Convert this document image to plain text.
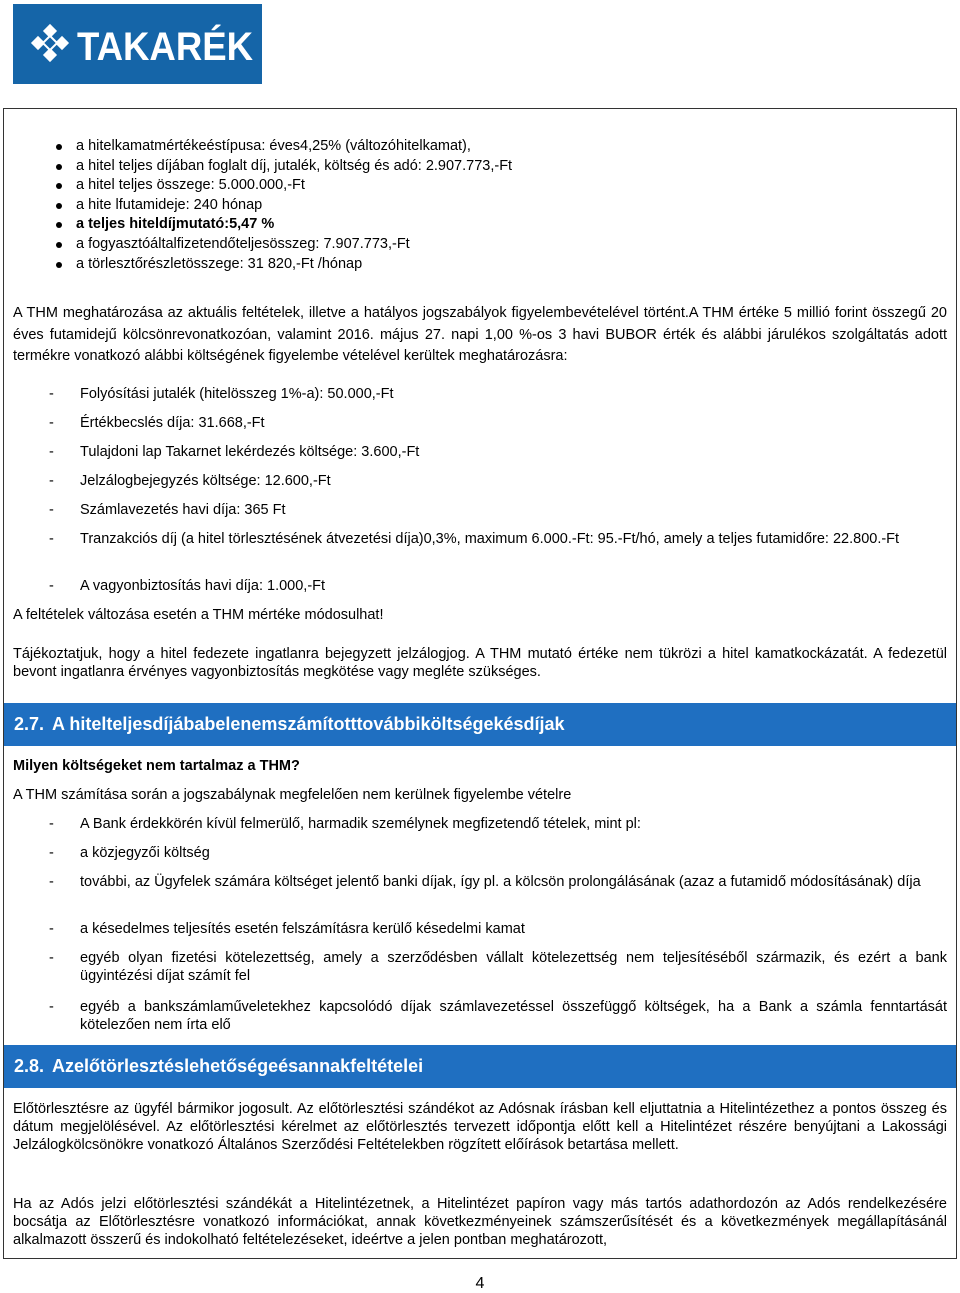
TAKARÉK
a hitelkamatmértékeéstípusa: éves4,25% (változóhitelkamat),
a hitel teljes díjában foglalt díj, jutalék, költség és adó: 2.907.773,-Ft
a hitel teljes összege: 5.000.000,-Ft
a hite lfutamideje: 240 hónap
a teljes hiteldíjmutató:5,47 %
a fogyasztóáltalfizetendőteljesösszeg: 7.907.773,-Ft
a törlesztőrészletösszege: 31 820,-Ft /hónap

A THM meghatározása az aktuális feltételek, illetve a hatályos jogszabályok figyelembevételével történt.A THM értéke 5 millió forint összegű 20 éves futamidejű kölcsönrevonatkozóan, valamint 2016. május 27. napi 1,00 %-os 3 havi BUBOR érték és alábbi járulékos szolgáltatás adott termékre vonatkozó alábbi költségének figyelembe vételével kerültek meghatározásra:

- Folyósítási jutalék (hitelösszeg 1%-a): 50.000,-Ft
- Értékbecslés díja: 31.668,-Ft
- Tulajdoni lap Takarnet lekérdezés költsége: 3.600,-Ft
- Jelzálogbejegyzés költsége: 12.600,-Ft
- Számlavezetés havi díja: 365 Ft
- Tranzakciós díj (a hitel törlesztésének átvezetési díja)0,3%, maximum 6.000.-Ft: 95.-Ft/hó, amely a teljes futamidőre: 22.800.-Ft
- A vagyonbiztosítás havi díja: 1.000,-Ft

A feltételek változása esetén a THM mértéke módosulhat!

Tájékoztatjuk, hogy a hitel fedezete ingatlanra bejegyzett jelzálogjog. A THM mutató értéke nem tükrözi a hitel kamatkockázatát. A fedezetül bevont ingatlanra érvényes vagyonbiztosítás megkötése vagy megléte szükséges.

2.7. A hitelteljesdíjábabelenemszámítotttovábbiköltségekésdíjak

Milyen költségeket nem tartalmaz a THM?

A THM számítása során a jogszabálynak megfelelően nem kerülnek figyelembe vételre

- A Bank érdekkörén kívül felmerülő, harmadik személynek megfizetendő tételek, mint pl:
- a közjegyzői költség
- további, az Ügyfelek számára költséget jelentő banki díjak, így pl. a kölcsön prolongálásának (azaz a futamidő módosításának) díja
- a késedelmes teljesítés esetén felszámításra kerülő késedelmi kamat
- egyéb olyan fizetési kötelezettség, amely a szerződésben vállalt kötelezettség nem teljesítéséből származik, és ezért a bank ügyintézési díjat számít fel
- egyéb a bankszámlaműveletekhez kapcsolódó díjak számlavezetéssel összefüggő költségek, ha a Bank a számla fenntartását kötelezően nem írta elő
2.8. Azelőtörlesztéslehetőségeésannakfeltételei

Előtörlesztésre az ügyfél bármikor jogosult. Az előtörlesztési szándékot az Adósnak írásban kell eljuttatnia a Hitelintézethez a pontos összeg és dátum megjelölésével. Az előtörlesztési kérelmet az előtörlesztés tervezett időpontja előtt kell a Hitelintézet részére benyújtani a Lakossági Jelzálogkölcsönökre vonatkozó Általános Szerződési Feltételekben rögzített előírások betartása mellett.

Ha az Adós jelzi előtörlesztési szándékát a Hitelintézetnek, a Hitelintézet papíron vagy más tartós adathordozón az Adós rendelkezésére bocsátja az Előtörlesztésre vonatkozó információkat, annak következményeinek számszerűsítését és a következmények megállapításánál alkalmazott összerű és indokolható feltételezéseket, ideértve a jelen pontban meghatározott,

4
